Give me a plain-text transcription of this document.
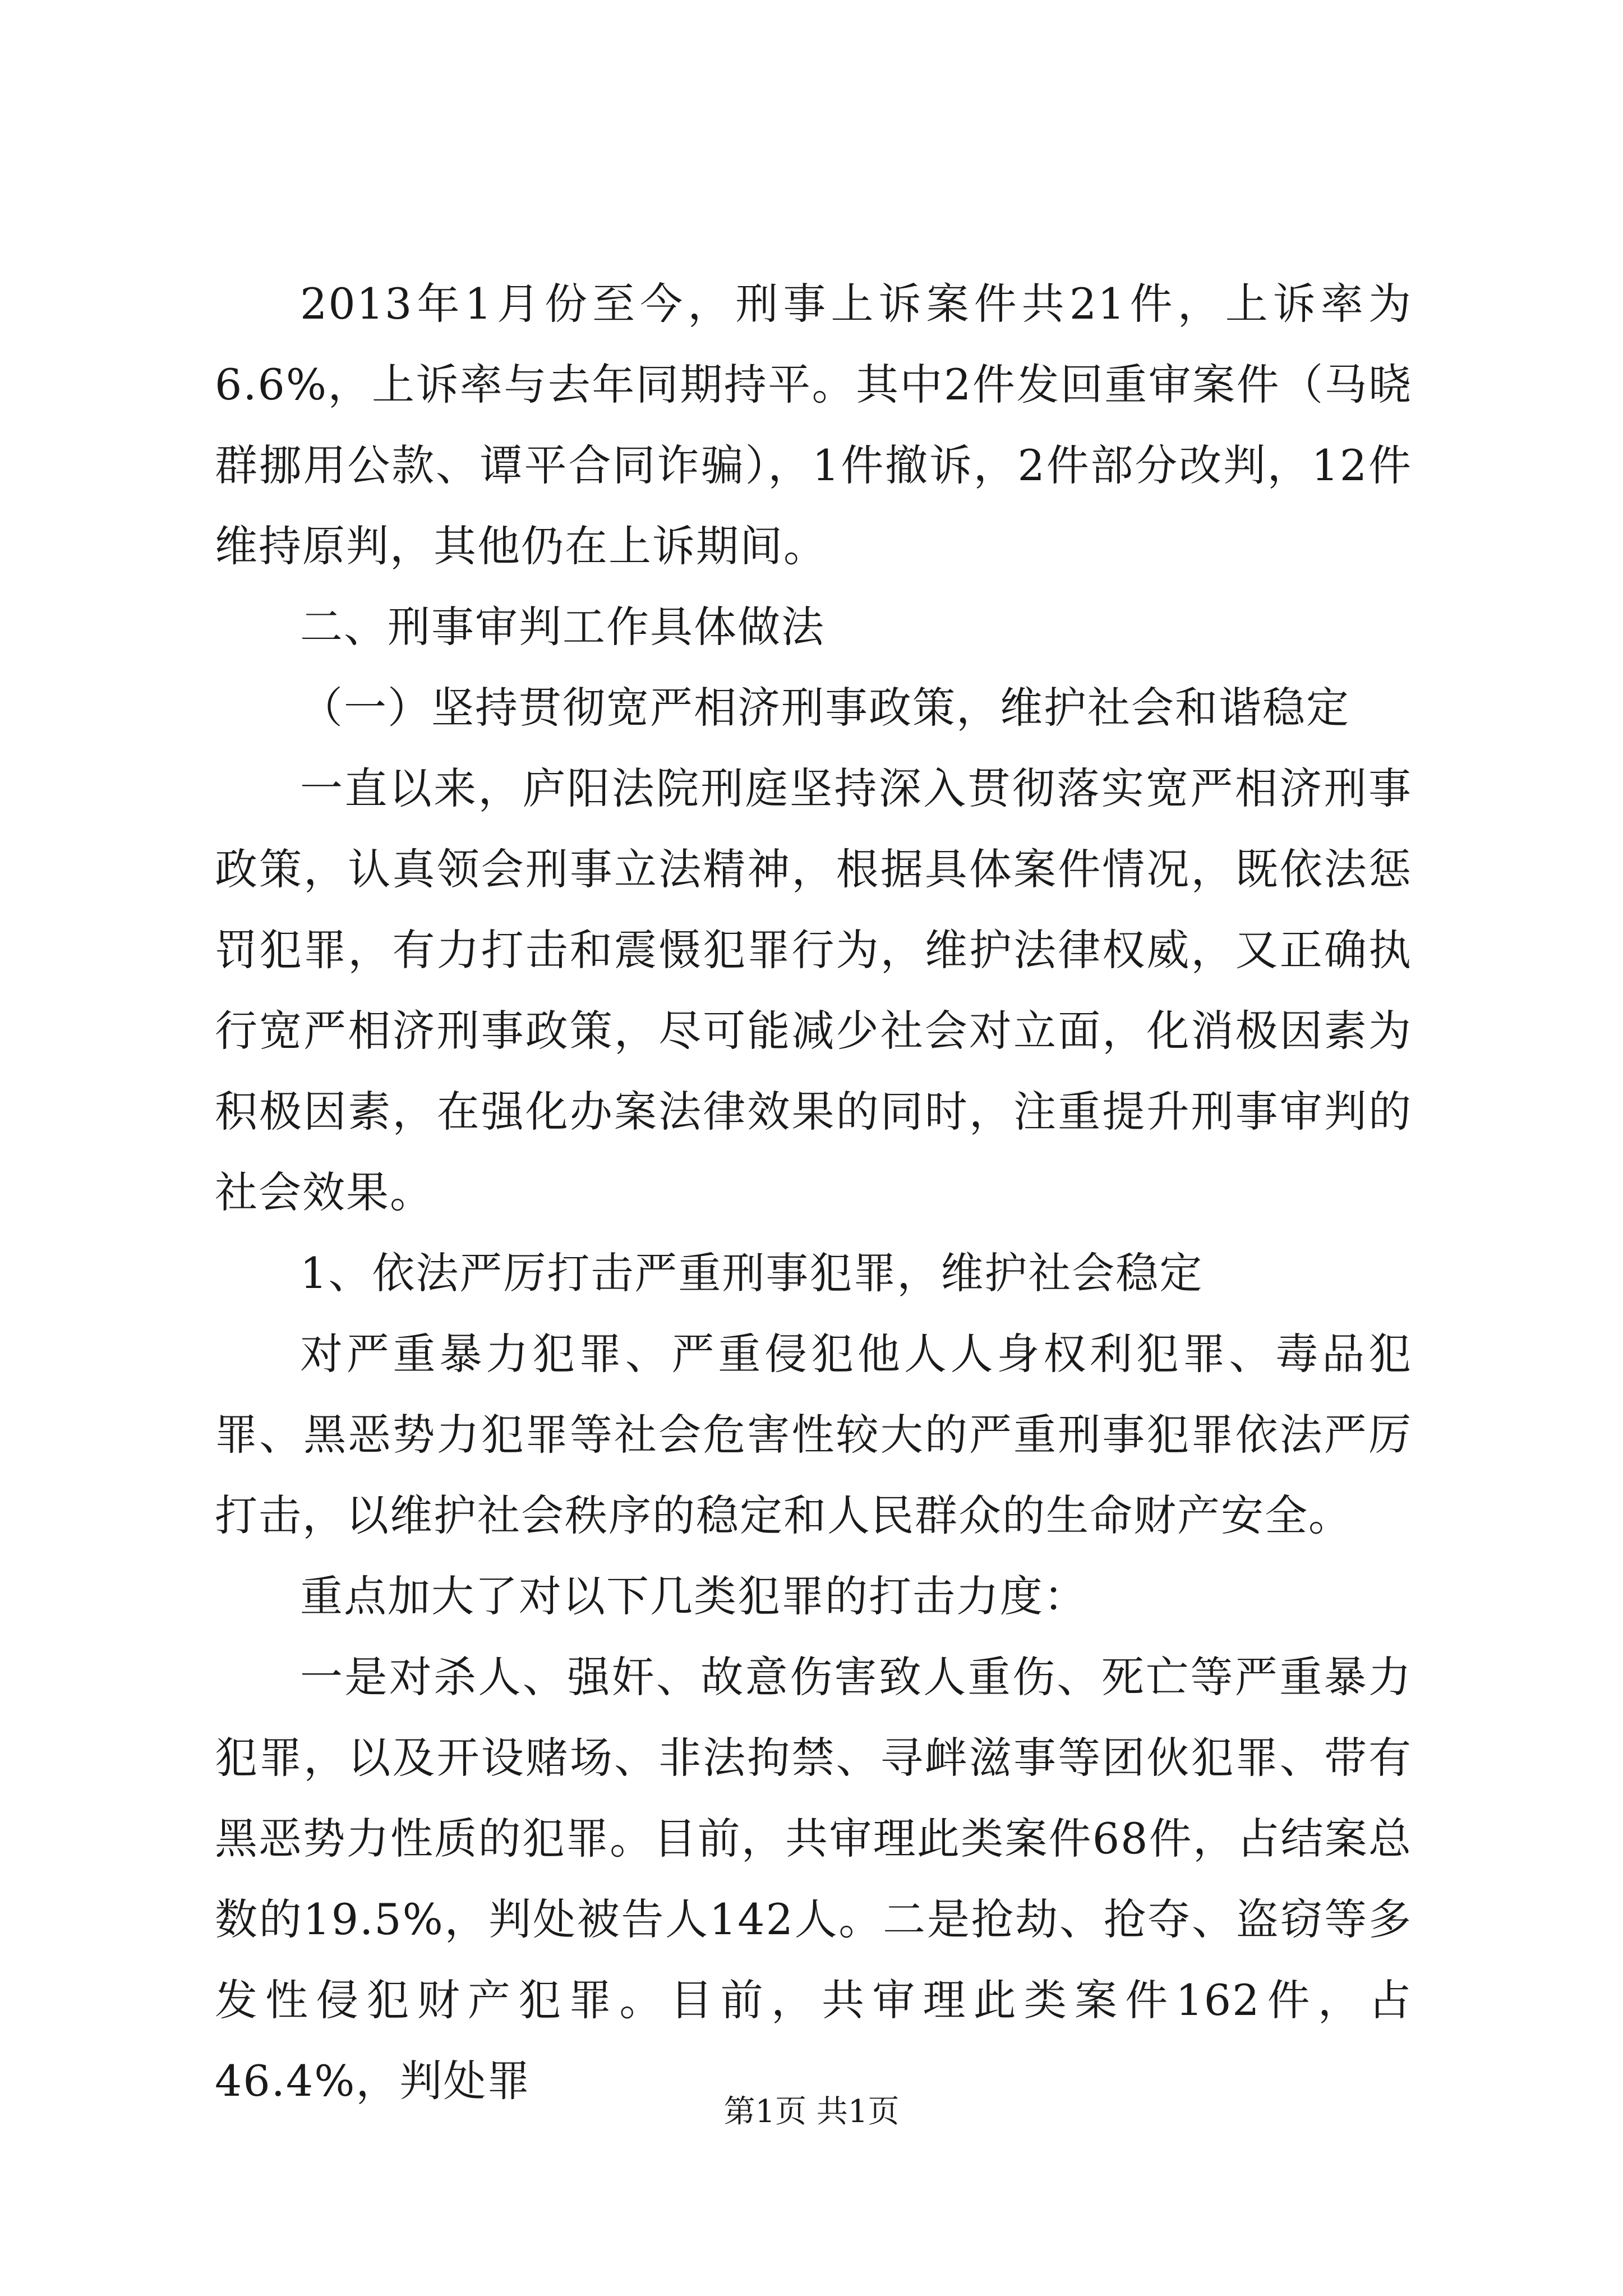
2013年1月份至今，刑事上诉案件共21件，上诉率为6.6%，上诉率与去年同期持平。其中2件发回重审案件（马晓群挪用公款、谭平合同诈骗），1件撤诉，2件部分改判，12件维持原判，其他仍在上诉期间。

二、刑事审判工作具体做法

（一）坚持贯彻宽严相济刑事政策，维护社会和谐稳定

一直以来，庐阳法院刑庭坚持深入贯彻落实宽严相济刑事政策，认真领会刑事立法精神，根据具体案件情况，既依法惩罚犯罪，有力打击和震慑犯罪行为，维护法律权威，又正确执行宽严相济刑事政策，尽可能减少社会对立面，化消极因素为积极因素，在强化办案法律效果的同时，注重提升刑事审判的社会效果。

1、依法严厉打击严重刑事犯罪，维护社会稳定

对严重暴力犯罪、严重侵犯他人人身权利犯罪、毒品犯罪、黑恶势力犯罪等社会危害性较大的严重刑事犯罪依法严厉打击，以维护社会秩序的稳定和人民群众的生命财产安全。

重点加大了对以下几类犯罪的打击力度：

一是对杀人、强奸、故意伤害致人重伤、死亡等严重暴力犯罪，以及开设赌场、非法拘禁、寻衅滋事等团伙犯罪、带有黑恶势力性质的犯罪。目前，共审理此类案件68件，占结案总数的19.5%，判处被告人142人。二是抢劫、抢夺、盗窃等多发性侵犯财产犯罪。目前，共审理此类案件162件，占46.4%，判处罪

第1页 共1页
